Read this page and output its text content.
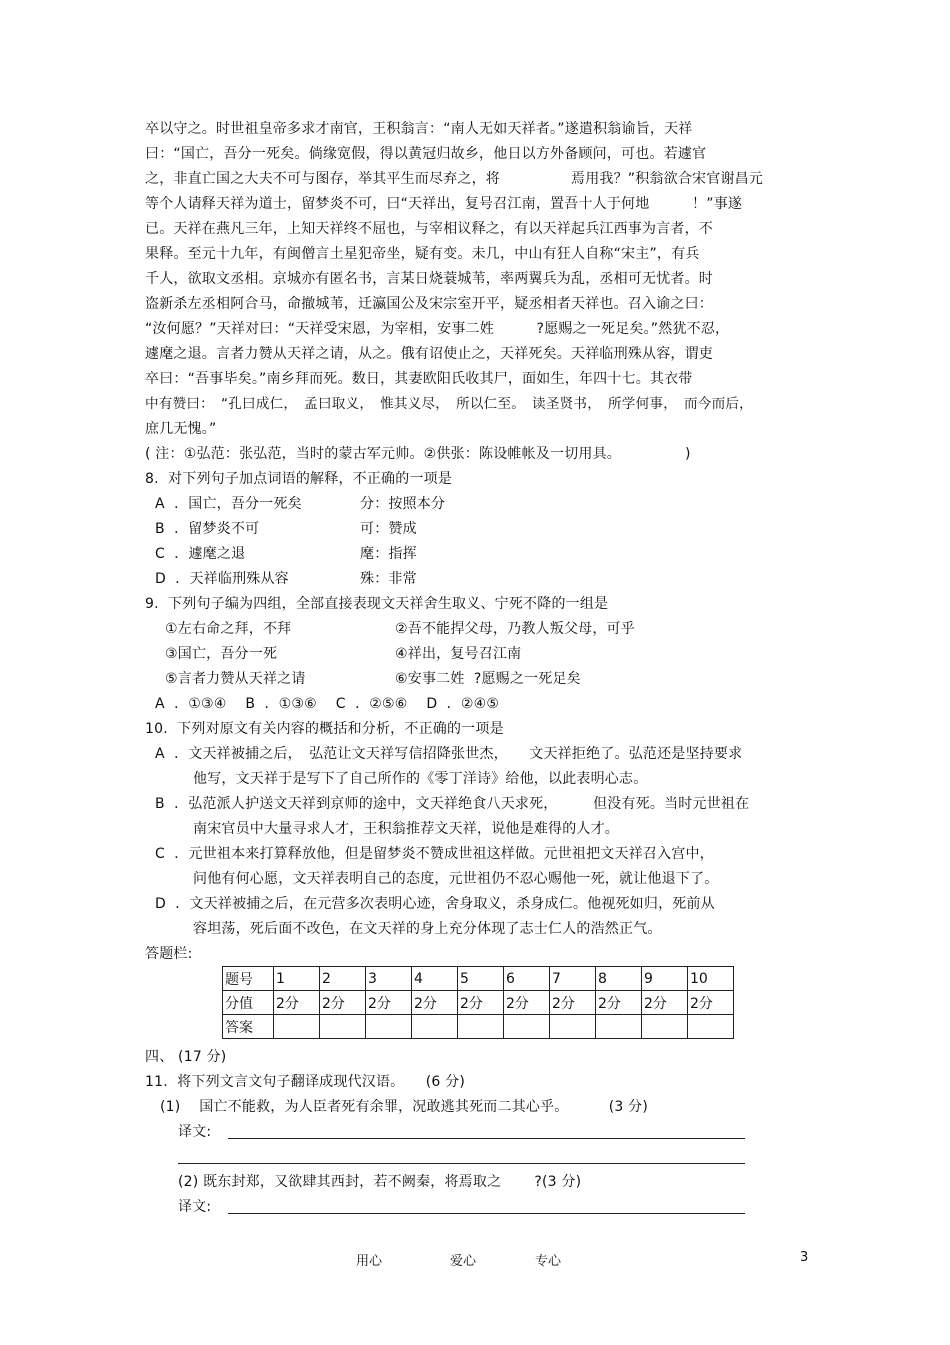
卒以守之。时世祖皇帝多求才南官，王积翁言：“南人无如天祥者。”遂遣积翁谕旨，天祥
曰：“国亡，吾分一死矣。倘缘宽假，得以黄冠归故乡，他日以方外备顾问，可也。若遽官
之，非直亡国之大夫不可与图存，举其平生而尽弃之，将　　　　　焉用我？”积翁欲合宋官谢昌元
等个人请释天祥为道士，留梦炎不可，曰“天祥出，复号召江南，置吾十人于何地　　　！”事遂
已。天祥在燕凡三年，上知天祥终不屈也，与宰相议释之，有以天祥起兵江西事为言者，不
果释。至元十九年，有闽僧言土星犯帝坐，疑有变。未几，中山有狂人自称“宋主”，有兵
千人，欲取文丞相。京城亦有匿名书，言某日烧蓑城苇，率两翼兵为乱，丞相可无忧者。时
盗新杀左丞相阿合马，命撤城苇，迁瀛国公及宋宗室开平，疑丞相者天祥也。召入谕之曰：
“汝何愿？”天祥对曰：“天祥受宋恩，为宰相，安事二姓　　　?愿赐之一死足矣。”然犹不忍，
遽麾之退。言者力赞从天祥之请，从之。俄有诏使止之，天祥死矣。天祥临刑殊从容，谓吏
卒曰：“吾事毕矣。”南乡拜而死。数日，其妻欧阳氏收其尸，面如生，年四十七。其衣带
中有赞曰：　“孔曰成仁，　孟曰取义，　惟其义尽，　所以仁至。　读圣贤书，　所学何事，　而今而后，
庶几无愧。”
( 注：①弘范：张弘范，当时的蒙古军元帅。②供张：陈设帷帐及一切用具。　　　　　)
8.  对下列句子加点词语的解释，不正确的一项是
A  ．国亡，吾分一死矣	分：按照本分
B  ．留梦炎不可	可：赞成
C  ．遽麾之退	麾：指挥
D  ．天祥临刑殊从容	殊：非常
9.  下列句子编为四组，全部直接表现文天祥舍生取义、宁死不降的一组是
①左右命之拜，不拜	②吾不能捍父母，乃教人叛父母，可乎
③国亡，吾分一死	④祥出，复号召江南
⑤言者力赞从天祥之请	⑥安事二姓  ?愿赐之一死足矣
A  ．①③④　 B  ．①③⑥　 C  ．②⑤⑥　 D  ．②④⑤
10.  下列对原文有关内容的概括和分析，不正确的一项是
A  ．文天祥被捕之后，　弘范让文天祥写信招降张世杰，　　文天祥拒绝了。弘范还是坚持要求
他写，文天祥于是写下了自己所作的《零丁洋诗》给他，以此表明心志。
B  ．弘范派人护送文天祥到京师的途中，文天祥绝食八天求死，　　　但没有死。当时元世祖在
南宋官员中大量寻求人才，王积翁推荐文天祥，说他是难得的人才。
C  ．元世祖本来打算释放他，但是留梦炎不赞成世祖这样做。元世祖把文天祥召入宫中，
问他有何心愿，文天祥表明自己的态度，元世祖仍不忍心赐他一死，就让他退下了。
D  ．文天祥被捕之后，在元营多次表明心迹，舍身取义，杀身成仁。他视死如归，死前从
容坦荡，死后面不改色，在文天祥的身上充分体现了志士仁人的浩然正气。
答题栏:
题号	1	2	3	4	5	6	7	8	9	10
分值	2分	2分	2分	2分	2分	2分	2分	2分	2分	2分
答案										
四、 (17 分)
11.  将下列文言文句子翻译成现代汉语。　　(6 分)
(1)　 国亡不能救，为人臣者死有余罪，况敢逃其死而二其心乎。　　　 (3 分)
译文:
(2) 既东封郑，又欲肆其西封，若不阙秦，将焉取之　　 ?(3 分)
译文:
用心	爱心	专心	3
